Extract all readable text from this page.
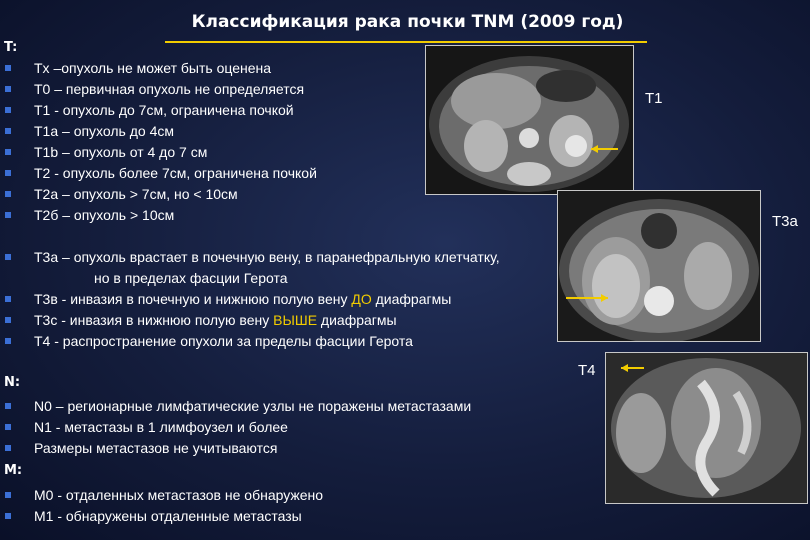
Классификация рака почки TNM (2009 год)
T1
T3a
T4
T:
Tx –опухоль не может быть оценена
T0 – первичная опухоль не определяется
T1 - опухоль до 7см, ограничена почкой
T1a – опухоль до 4см
T1b – опухоль от 4 до 7 см
T2 - опухоль более 7см, ограничена почкой
T2a – опухоль > 7см, но < 10см
T2б – опухоль > 10см
T3a – опухоль врастает в почечную вену, в паранефральную клетчатку,
но в пределах фасции Герота
T3в - инвазия в почечную и нижнюю полую вену ДО диафрагмы
T3c - инвазия в нижнюю полую вену ВЫШЕ диафрагмы
T4 - распространение опухоли за пределы фасции Герота
N:
N0 – регионарные лимфатические узлы не поражены метастазами
N1 - метастазы в 1 лимфоузел и более
Размеры метастазов не учитываются
M:
M0 - отдаленных метастазов не обнаружено
M1 - обнаружены отдаленные метастазы
